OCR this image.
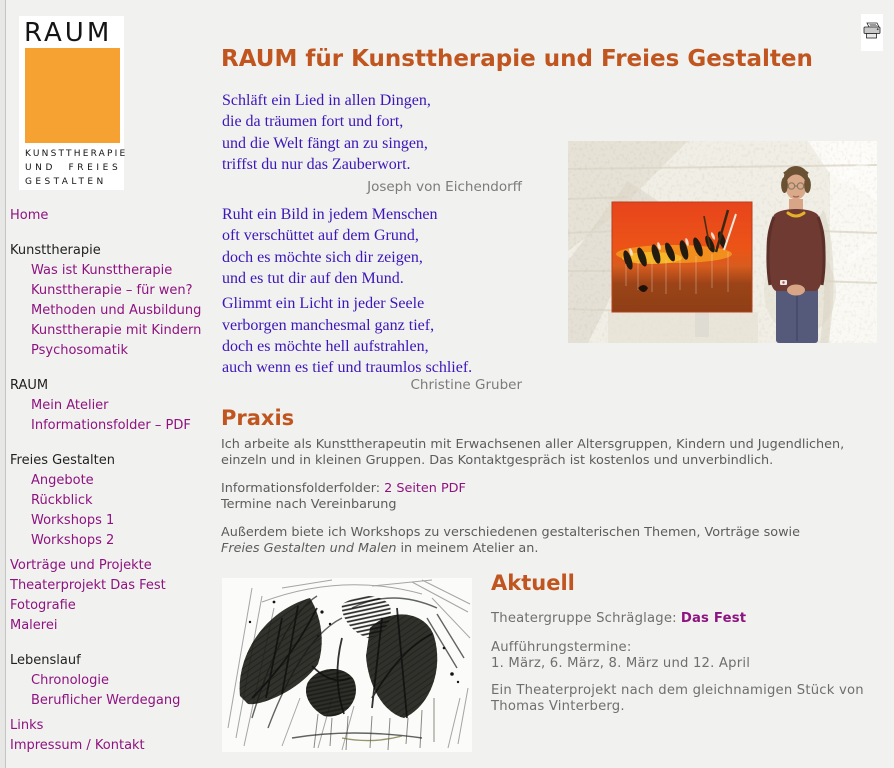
RAUM
KUNSTTHERAPIE
UND FREIES
GESTALTEN
Home
Kunsttherapie
Was ist Kunsttherapie
Kunsttherapie – für wen?
Methoden und Ausbildung
Kunsttherapie mit Kindern
Psychosomatik
RAUM
Mein Atelier
Informationsfolder – PDF
Freies Gestalten
Angebote
Rückblick
Workshops 1
Workshops 2
Vorträge und Projekte
Theaterprojekt Das Fest
Fotografie
Malerei
Lebenslauf
Chronologie
Beruflicher Werdegang
Links
Impressum / Kontakt
RAUM für Kunsttherapie und Freies Gestalten
Schläft ein Lied in allen Dingen,
die da träumen fort und fort,
und die Welt fängt an zu singen,
triffst du nur das Zauberwort.
Joseph von Eichendorff
Ruht ein Bild in jedem Menschen
oft verschüttet auf dem Grund,
doch es möchte sich dir zeigen,
und es tut dir auf den Mund.
Glimmt ein Licht in jeder Seele
verborgen manchesmal ganz tief,
doch es möchte hell aufstrahlen,
auch wenn es tief und traumlos schlief.
Christine Gruber
Praxis
Ich arbeite als Kunsttherapeutin mit Erwachsenen aller Altersgruppen, Kindern und Jugendlichen,
einzeln und in kleinen Gruppen. Das Kontaktgespräch ist kostenlos und unverbindlich.
Informationsfolderfolder: 2 Seiten PDF
Termine nach Vereinbarung
Außerdem biete ich Workshops zu verschiedenen gestalterischen Themen, Vorträge sowie
Freies Gestalten und Malen in meinem Atelier an.
Aktuell
Theatergruppe Schräglage: Das Fest
Aufführungstermine:
1. März, 6. März, 8. März und 12. April
Ein Theaterprojekt nach dem gleichnamigen Stück von
Thomas Vinterberg.
